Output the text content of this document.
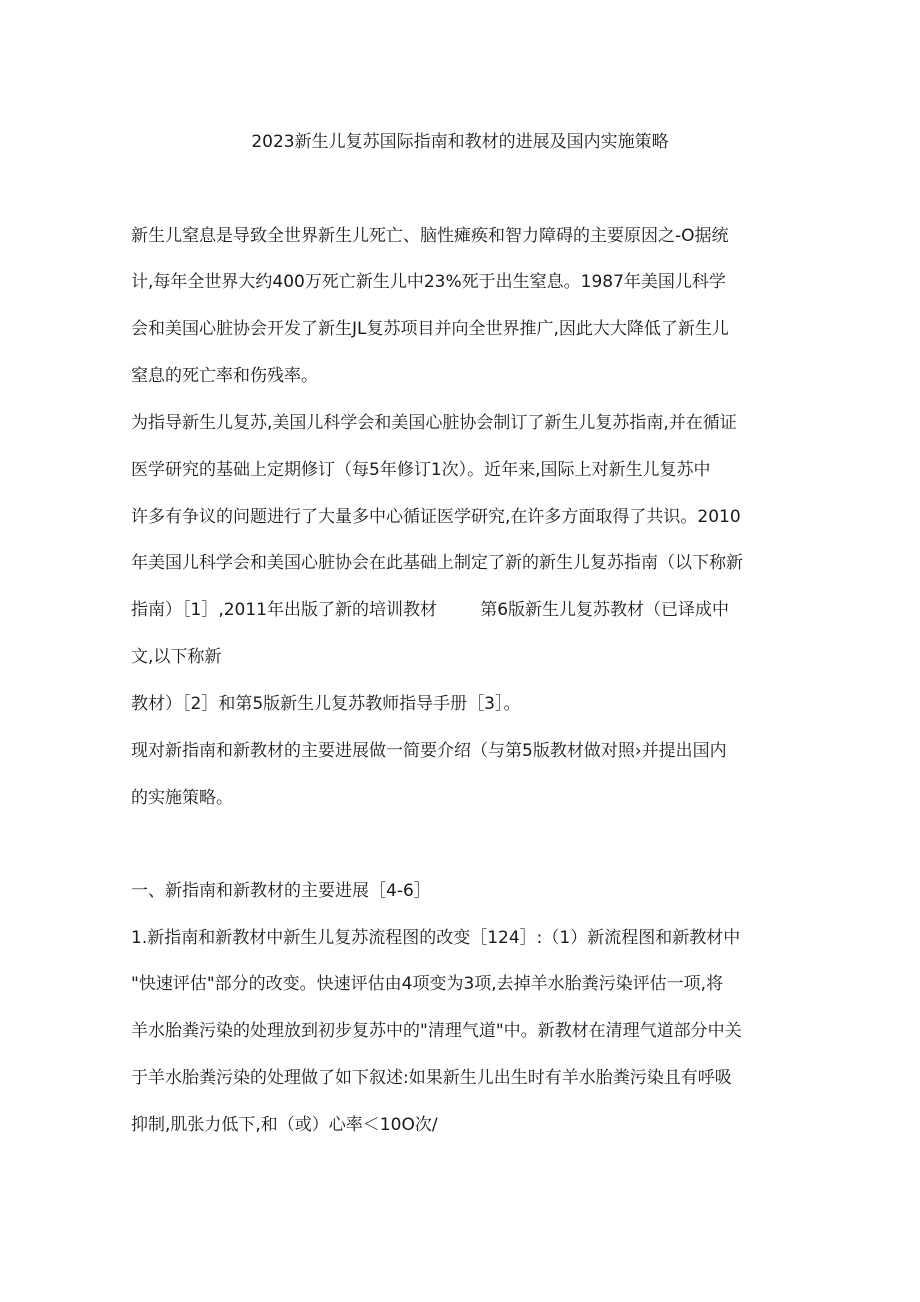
2023新生儿复苏国际指南和教材的进展及国内实施策略
新生儿窒息是导致全世界新生儿死亡、脑性瘫痪和智力障碍的主要原因之-O据统
计,每年全世界大约400万死亡新生儿中23%死于出生窒息。1987年美国儿科学
会和美国心脏协会开发了新生JL复苏项目并向全世界推广,因此大大降低了新生儿
窒息的死亡率和伤残率。
为指导新生儿复苏,美国儿科学会和美国心脏协会制订了新生儿复苏指南,并在循证
医学研究的基础上定期修订（每5年修订1次）。近年来,国际上对新生儿复苏中
许多有争议的问题进行了大量多中心循证医学研究,在许多方面取得了共识。2010
年美国儿科学会和美国心脏协会在此基础上制定了新的新生儿复苏指南（以下称新
指南）［1］,2011年出版了新的培训教材        第6版新生儿复苏教材（已译成中
文,以下称新
教材）［2］和第5版新生儿复苏教师指导手册［3］。
现对新指南和新教材的主要进展做一简要介绍（与第5版教材做对照›并提出国内
的实施策略。
一、新指南和新教材的主要进展［4-6］
1.新指南和新教材中新生儿复苏流程图的改变［124］:（1）新流程图和新教材中
"快速评估"部分的改变。快速评估由4项变为3项,去掉羊水胎粪污染评估一项,将
羊水胎粪污染的处理放到初步复苏中的"清理气道"中。新教材在清理气道部分中关
于羊水胎粪污染的处理做了如下叙述:如果新生儿出生时有羊水胎粪污染且有呼吸
抑制,肌张力低下,和（或）心率＜10O次/
